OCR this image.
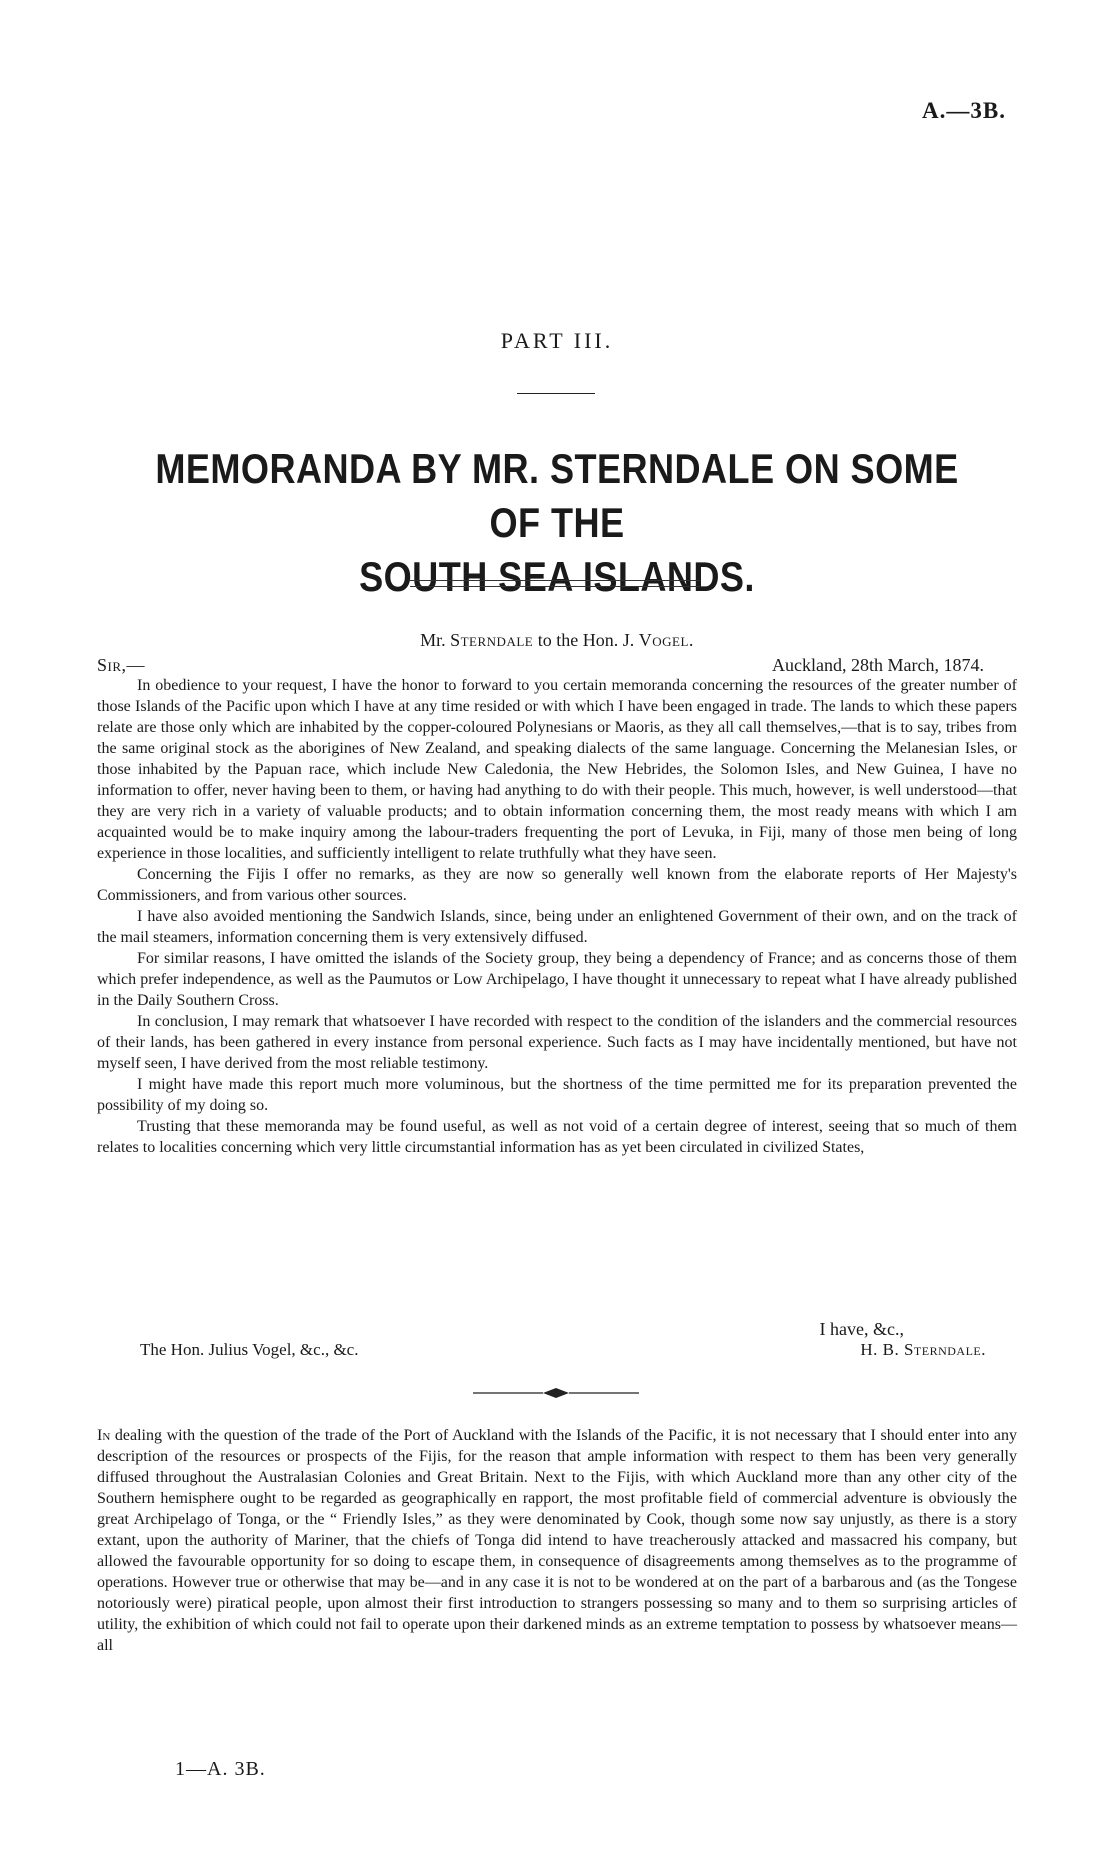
A.—3B.
PART III.
MEMORANDA BY MR. STERNDALE ON SOME OF THE
SOUTH SEA ISLANDS.
Mr. Sterndale to the Hon. J. Vogel.
Sir,—	Auckland, 28th March, 1874.

In obedience to your request, I have the honor to forward to you certain memoranda concerning the resources of the greater number of those Islands of the Pacific upon which I have at any time resided or with which I have been engaged in trade. The lands to which these papers relate are those only which are inhabited by the copper-coloured Polynesians or Maoris, as they all call themselves,—that is to say, tribes from the same original stock as the aborigines of New Zealand, and speaking dialects of the same language. Concerning the Melanesian Isles, or those inhabited by the Papuan race, which include New Caledonia, the New Hebrides, the Solomon Isles, and New Guinea, I have no information to offer, never having been to them, or having had anything to do with their people. This much, however, is well understood—that they are very rich in a variety of valuable products; and to obtain information concerning them, the most ready means with which I am acquainted would be to make inquiry among the labour-traders frequenting the port of Levuka, in Fiji, many of those men being of long experience in those localities, and sufficiently intelligent to relate truthfully what they have seen.

Concerning the Fijis I offer no remarks, as they are now so generally well known from the elaborate reports of Her Majesty's Commissioners, and from various other sources.

I have also avoided mentioning the Sandwich Islands, since, being under an enlightened Government of their own, and on the track of the mail steamers, information concerning them is very extensively diffused.

For similar reasons, I have omitted the islands of the Society group, they being a dependency of France; and as concerns those of them which prefer independence, as well as the Paumutos or Low Archipelago, I have thought it unnecessary to repeat what I have already published in the Daily Southern Cross.

In conclusion, I may remark that whatsoever I have recorded with respect to the condition of the islanders and the commercial resources of their lands, has been gathered in every instance from personal experience. Such facts as I may have incidentally mentioned, but have not myself seen, I have derived from the most reliable testimony.

I might have made this report much more voluminous, but the shortness of the time permitted me for its preparation prevented the possibility of my doing so.

Trusting that these memoranda may be found useful, as well as not void of a certain degree of interest, seeing that so much of them relates to localities concerning which very little circumstantial information has as yet been circulated in civilized States,

I have, &c.,
The Hon. Julius Vogel, &c., &c.	H. B. Sterndale.

In dealing with the question of the trade of the Port of Auckland with the Islands of the Pacific, it is not necessary that I should enter into any description of the resources or prospects of the Fijis, for the reason that ample information with respect to them has been very generally diffused throughout the Australasian Colonies and Great Britain. Next to the Fijis, with which Auckland more than any other city of the Southern hemisphere ought to be regarded as geographically en rapport, the most profitable field of commercial adventure is obviously the great Archipelago of Tonga, or the “ Friendly Isles,” as they were denominated by Cook, though some now say unjustly, as there is a story extant, upon the authority of Mariner, that the chiefs of Tonga did intend to have treacherously attacked and massacred his company, but allowed the favourable opportunity for so doing to escape them, in consequence of disagreements among themselves as to the programme of operations. However true or otherwise that may be—and in any case it is not to be wondered at on the part of a barbarous and (as the Tongese notoriously were) piratical people, upon almost their first introduction to strangers possessing so many and to them so surprising articles of utility, the exhibition of which could not fail to operate upon their darkened minds as an extreme temptation to possess by whatsoever means—all

1—A. 3B.
